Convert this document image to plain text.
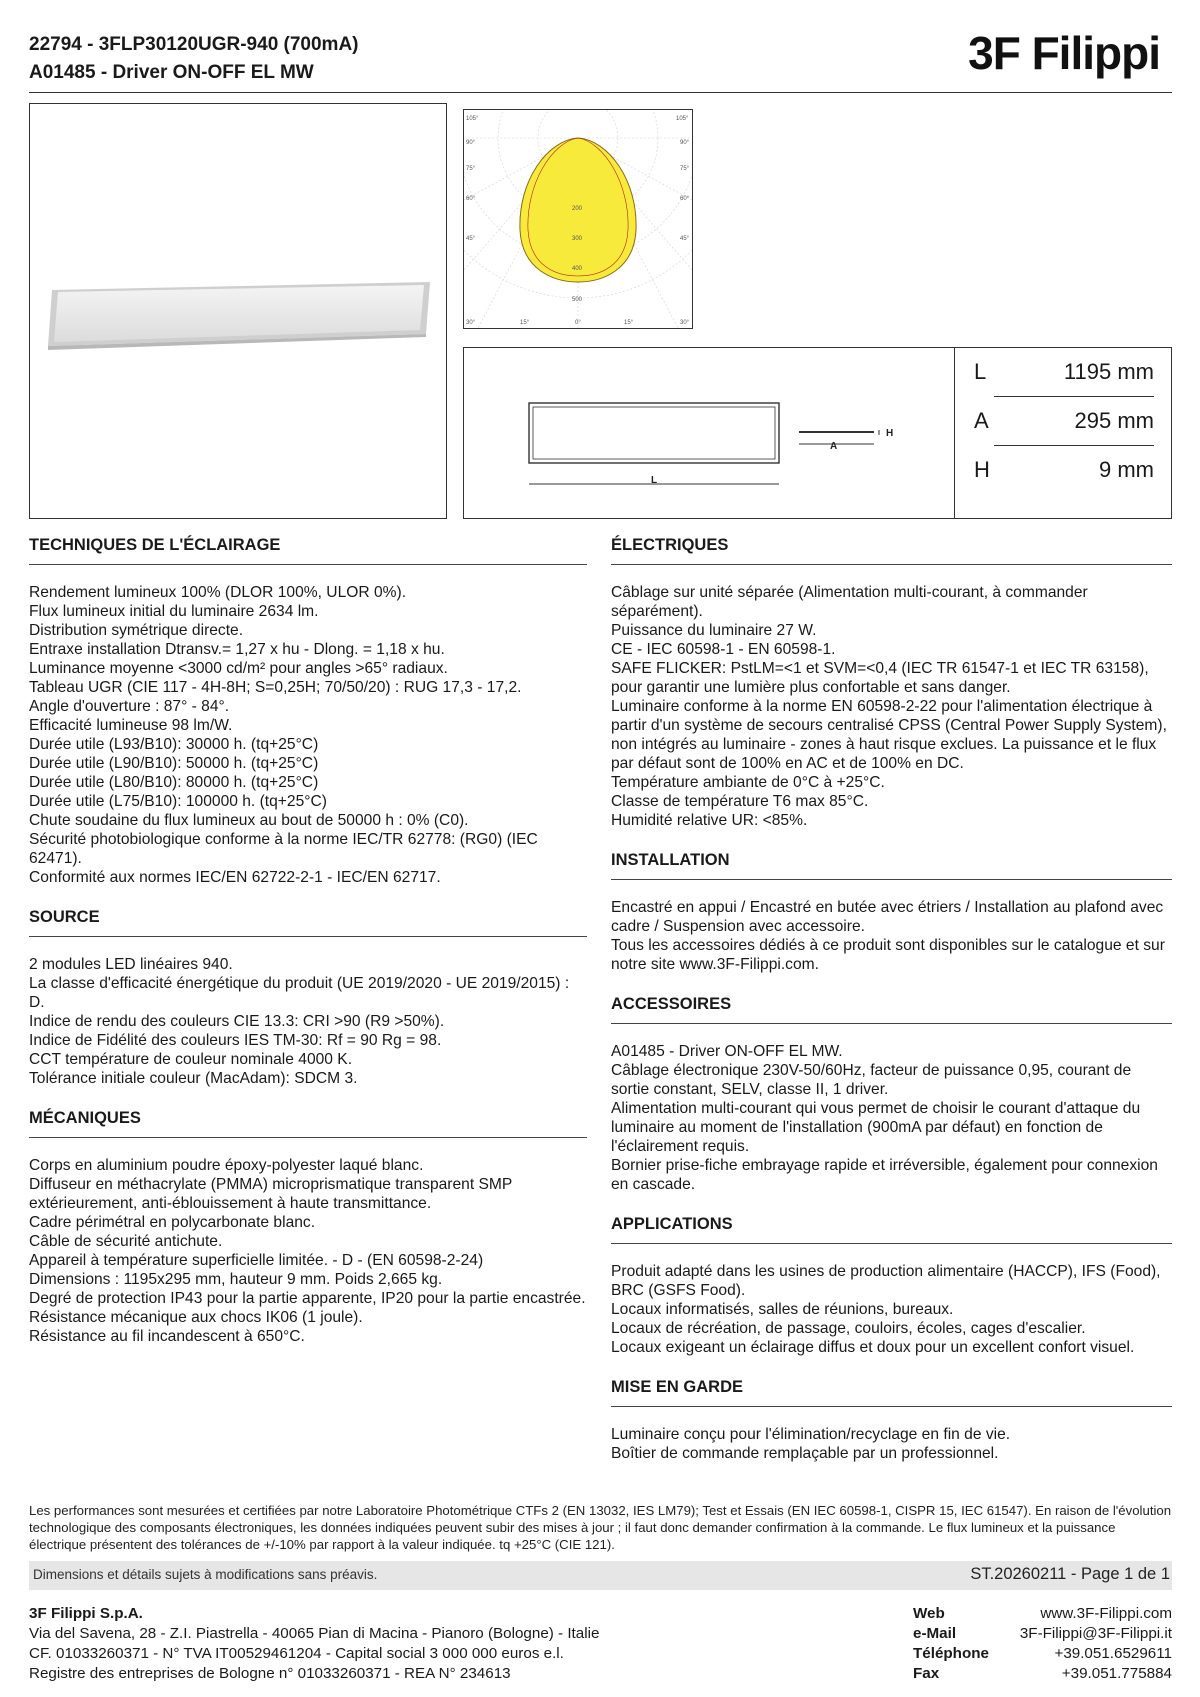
22794 - 3FLP30120UGR-940 (700mA)
A01485 - Driver ON-OFF EL MW	3F Filippi
105°
90°
75°
60°
45°
30°	15°
105°
90°
75°
60°
45°
30°
15°
0°
200
300
400
500
L
A
H
L	1195 mm
A	295 mm
H	9 mm
TECHNIQUES DE L'ÉCLAIRAGE
Rendement lumineux 100% (DLOR 100%, ULOR 0%).
Flux lumineux initial du luminaire 2634 lm.
Distribution symétrique directe.
Entraxe installation Dtransv.= 1,27 x hu - Dlong. = 1,18 x hu.
Luminance moyenne <3000 cd/m² pour angles >65° radiaux.
Tableau UGR (CIE 117 - 4H-8H; S=0,25H; 70/50/20) : RUG 17,3 - 17,2.
Angle d'ouverture : 87° - 84°.
Efficacité lumineuse 98 lm/W.
Durée utile (L93/B10): 30000 h. (tq+25°C)
Durée utile (L90/B10): 50000 h. (tq+25°C)
Durée utile (L80/B10): 80000 h. (tq+25°C)
Durée utile (L75/B10): 100000 h. (tq+25°C)
Chute soudaine du flux lumineux au bout de 50000 h : 0% (C0).
Sécurité photobiologique conforme à la norme IEC/TR 62778: (RG0) (IEC 62471).
Conformité aux normes IEC/EN 62722-2-1 - IEC/EN 62717.
SOURCE
2 modules LED linéaires 940.
La classe d'efficacité énergétique du produit (UE 2019/2020 - UE 2019/2015) : D.
Indice de rendu des couleurs CIE 13.3: CRI >90 (R9 >50%).
Indice de Fidélité des couleurs IES TM-30: Rf = 90 Rg = 98.
CCT température de couleur nominale 4000 K.
Tolérance initiale couleur (MacAdam): SDCM 3.
MÉCANIQUES
Corps en aluminium poudre époxy-polyester laqué blanc.
Diffuseur en méthacrylate (PMMA) microprismatique transparent SMP extérieurement, anti-éblouissement à haute transmittance.
Cadre périmétral en polycarbonate blanc.
Câble de sécurité antichute.
Appareil à température superficielle limitée. - D - (EN 60598-2-24)
Dimensions : 1195x295 mm, hauteur 9 mm. Poids 2,665 kg.
Degré de protection IP43 pour la partie apparente, IP20 pour la partie encastrée.
Résistance mécanique aux chocs IK06 (1 joule).
Résistance au fil incandescent à 650°C.
ÉLECTRIQUES
Câblage sur unité séparée (Alimentation multi-courant, à commander séparément).
Puissance du luminaire 27 W.
CE - IEC 60598-1 - EN 60598-1.
SAFE FLICKER: PstLM=<1 et SVM=<0,4 (IEC TR 61547-1 et IEC TR 63158), pour garantir une lumière plus confortable et sans danger.
Luminaire conforme à la norme EN 60598-2-22 pour l'alimentation électrique à partir d'un système de secours centralisé CPSS (Central Power Supply System), non intégrés au luminaire - zones à haut risque exclues. La puissance et le flux par défaut sont de 100% en AC et de 100% en DC.
Température ambiante de 0°C à +25°C.
Classe de température T6 max 85°C.
Humidité relative UR: <85%.
INSTALLATION
Encastré en appui / Encastré en butée avec étriers / Installation au plafond avec cadre / Suspension avec accessoire.
Tous les accessoires dédiés à ce produit sont disponibles sur le catalogue et sur notre site www.3F-Filippi.com.
ACCESSOIRES
A01485 - Driver ON-OFF EL MW.
Câblage électronique 230V-50/60Hz, facteur de puissance 0,95, courant de sortie constant, SELV, classe II, 1 driver.
Alimentation multi-courant qui vous permet de choisir le courant d'attaque du luminaire au moment de l'installation (900mA par défaut) en fonction de l'éclairement requis.
Bornier prise-fiche embrayage rapide et irréversible, également pour connexion en cascade.
APPLICATIONS
Produit adapté dans les usines de production alimentaire (HACCP), IFS (Food), BRC (GSFS Food).
Locaux informatisés, salles de réunions, bureaux.
Locaux de récréation, de passage, couloirs, écoles, cages d'escalier.
Locaux exigeant un éclairage diffus et doux pour un excellent confort visuel.
MISE EN GARDE
Luminaire conçu pour l'élimination/recyclage en fin de vie.
Boîtier de commande remplaçable par un professionnel.
Les performances sont mesurées et certifiées par notre Laboratoire Photométrique CTFs 2 (EN 13032, IES LM79); Test et Essais (EN IEC 60598-1, CISPR 15, IEC 61547). En raison de l'évolution technologique des composants électroniques, les données indiquées peuvent subir des mises à jour ; il faut donc demander confirmation à la commande. Le flux lumineux et la puissance électrique présentent des tolérances de +/-10% par rapport à la valeur indiquée. tq +25°C (CIE 121).
Dimensions et détails sujets à modifications sans préavis.	ST.20260211 - Page 1 de 1
3F Filippi S.p.A.
Via del Savena, 28 - Z.I. Piastrella - 40065 Pian di Macina - Pianoro (Bologne) - Italie
CF. 01033260371 - N° TVA IT00529461204 - Capital social 3 000 000 euros e.l.
Registre des entreprises de Bologne n° 01033260371 - REA N° 234613
Web	www.3F-Filippi.com
e-Mail	3F-Filippi@3F-Filippi.it
Téléphone	+39.051.6529611
Fax	+39.051.775884
